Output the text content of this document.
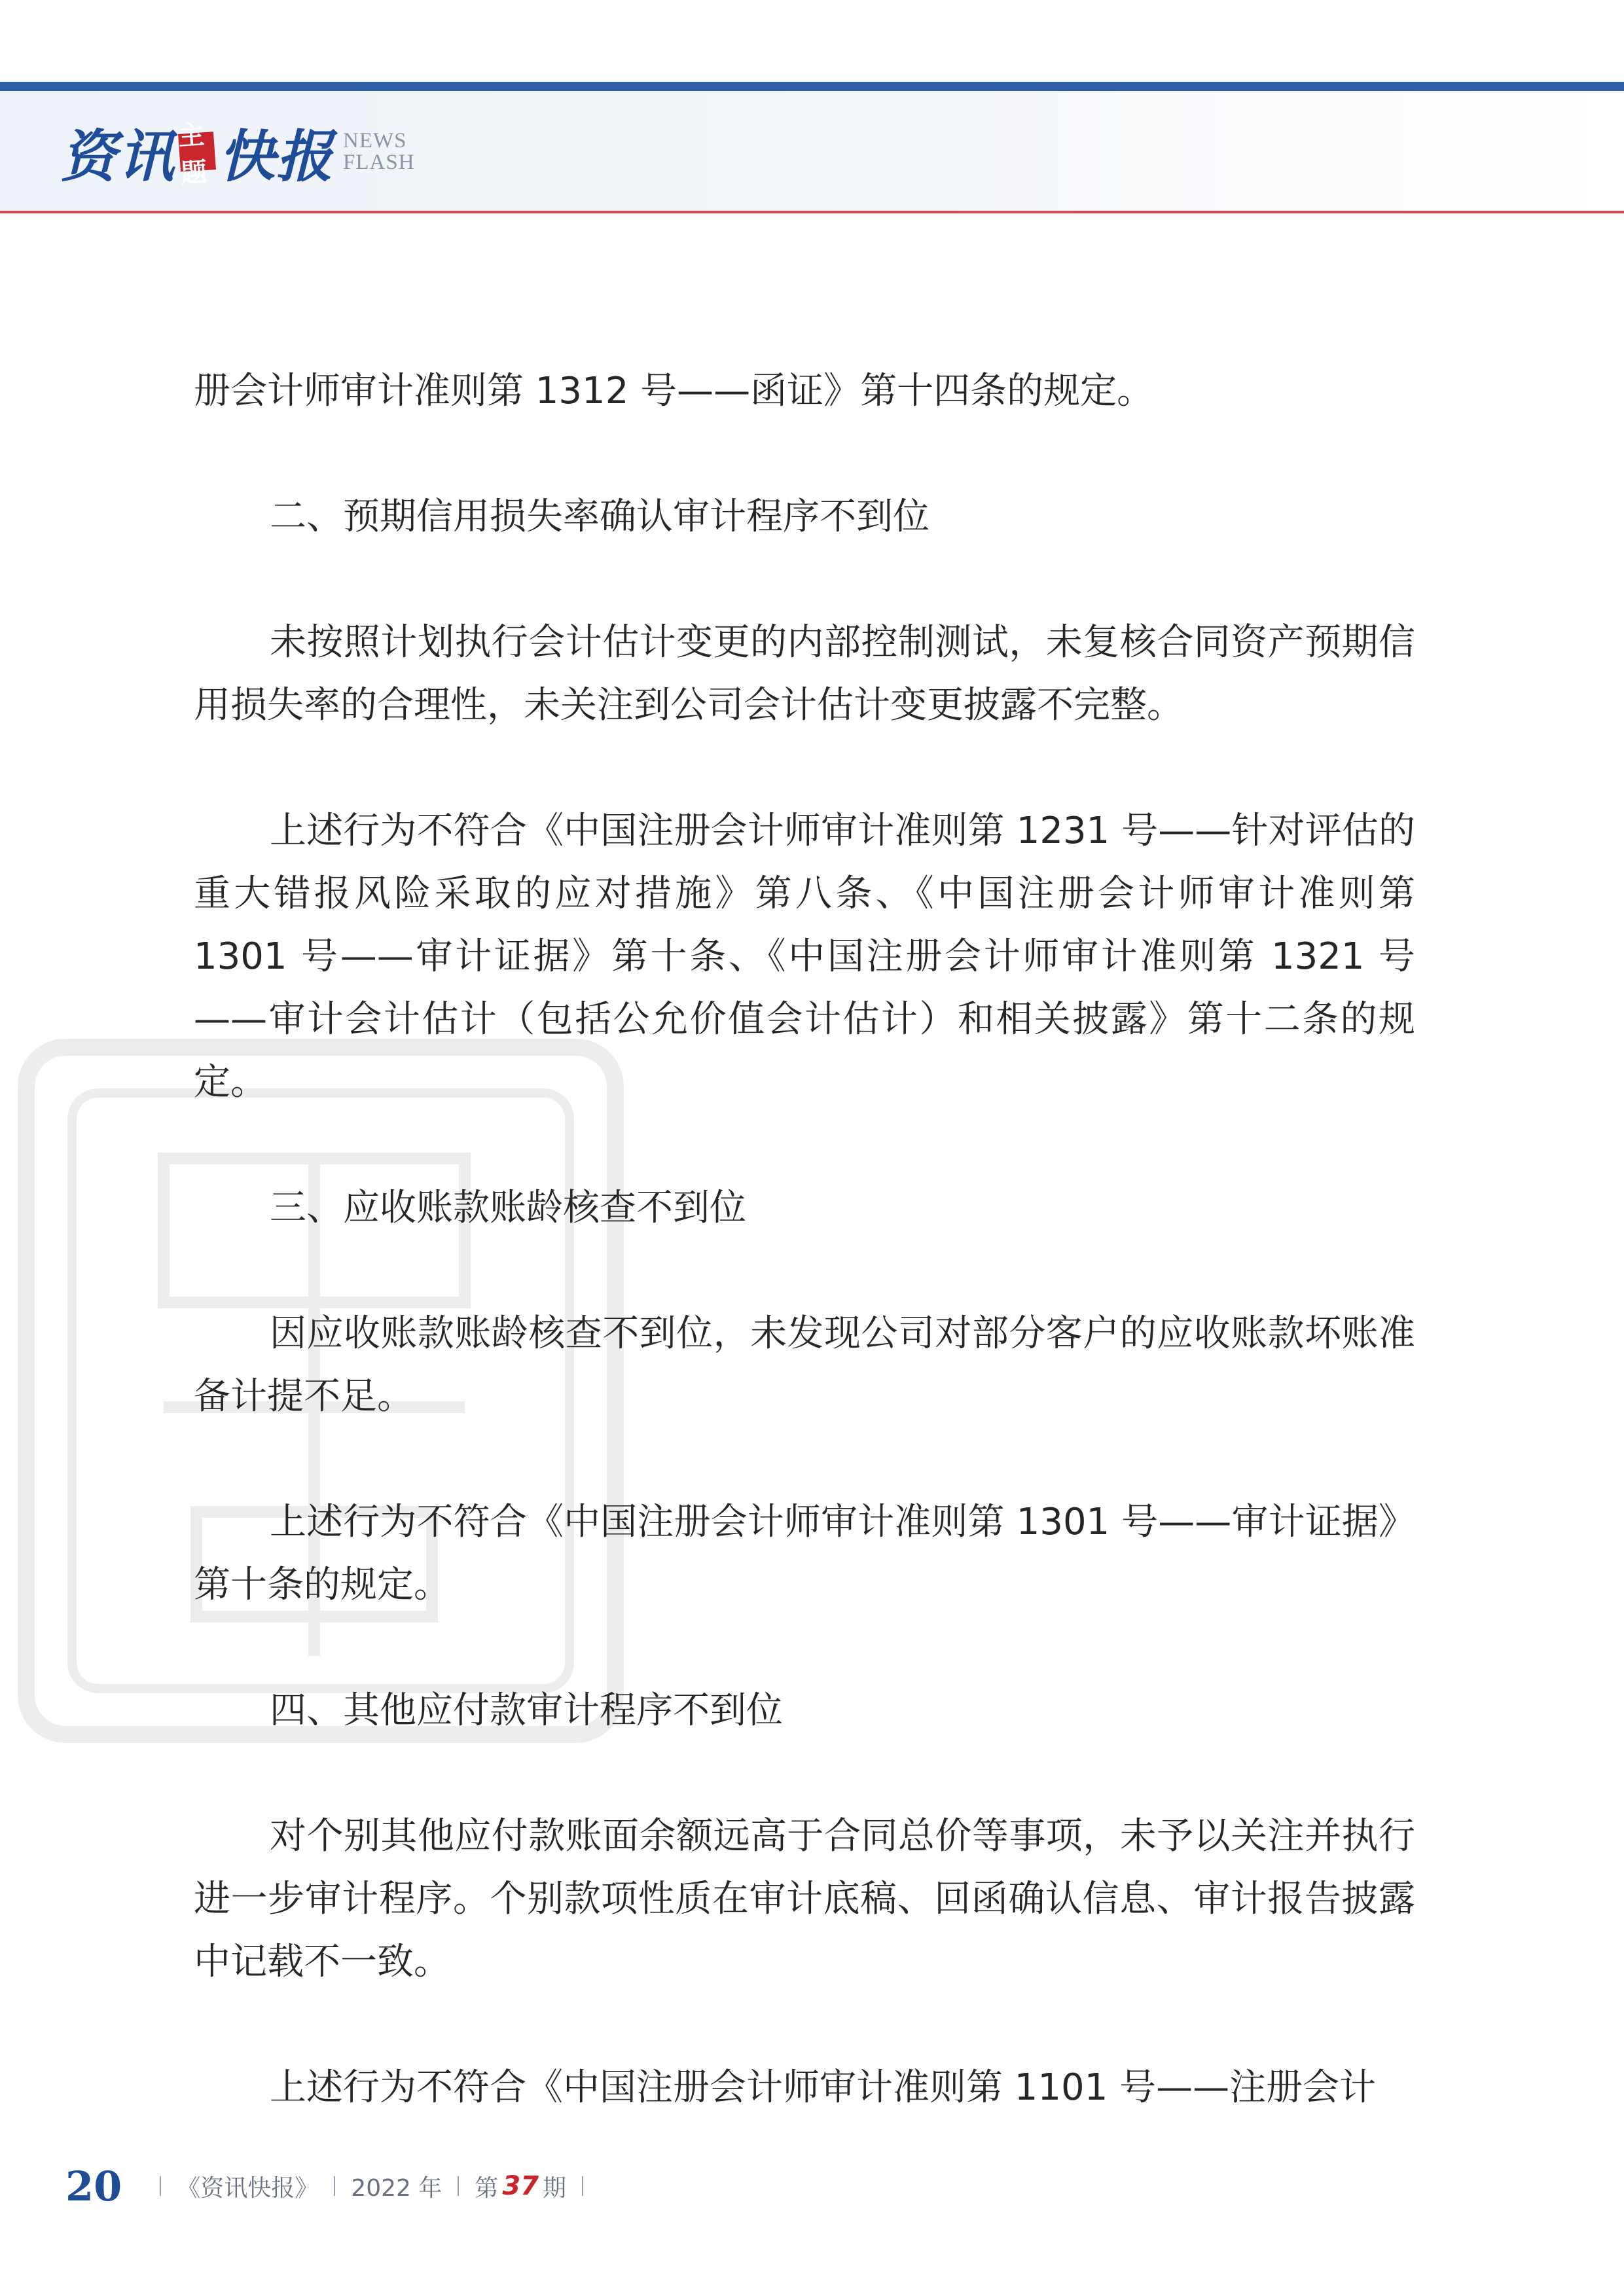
资讯 主题 快报 NEWS
FLASH

册会计师审计准则第 1312 号——函证》第十四条的规定。

二、预期信用损失率确认审计程序不到位

未按照计划执行会计估计变更的内部控制测试，未复核合同资产预期信用损失率的合理性，未关注到公司会计估计变更披露不完整。

上述行为不符合《中国注册会计师审计准则第 1231 号——针对评估的重大错报风险采取的应对措施》第八条、《中国注册会计师审计准则第 1301 号——审计证据》第十条、《中国注册会计师审计准则第 1321 号——审计会计估计（包括公允价值会计估计）和相关披露》第十二条的规定。

三、应收账款账龄核查不到位

因应收账款账龄核查不到位，未发现公司对部分客户的应收账款坏账准备计提不足。

上述行为不符合《中国注册会计师审计准则第 1301 号——审计证据》第十条的规定。

四、其他应付款审计程序不到位

对个别其他应付款账面余额远高于合同总价等事项，未予以关注并执行进一步审计程序。个别款项性质在审计底稿、回函确认信息、审计报告披露中记载不一致。

上述行为不符合《中国注册会计师审计准则第 1101 号——注册会计

20 《资讯快报》 2022 年 第 37 期
